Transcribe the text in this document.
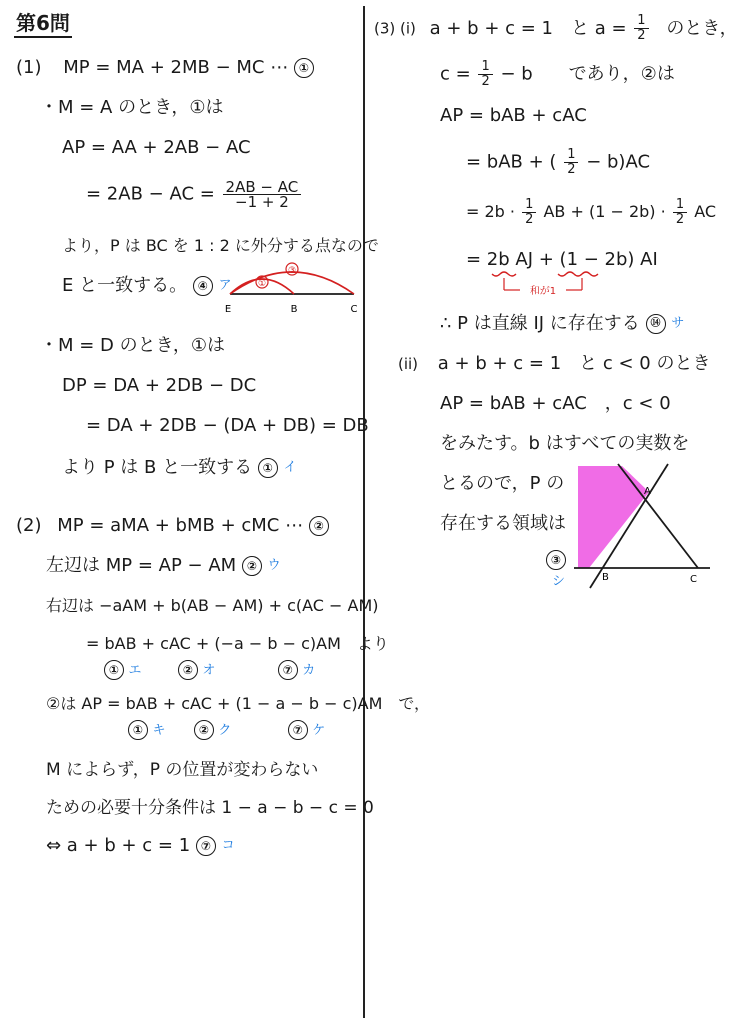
第6問
(1) MP = MA + 2MB − MC ⋯ ①
・M = A のとき，①は
AP = AA + 2AB − AC
= 2AB − AC = $\frac{2AB - AC}{-1 + 2}$
より，P は BC を 1 : 2 に外分する点なので
E と一致する。 ④ $^ア$	①
③
E	B	C
・M = D のとき，①は
DP = DA + 2DB − DC
= DA + 2DB − (DA + DB) = DB
より P は B と一致する ① $^イ$
(2) MP = aMA + bMB + cMC ⋯ ②
左辺は MP = AP − AM ② $^ウ$
右辺は −aAM + b(AB − AM) + c(AC − AM)
= bAB + cAC + (−a − b − c)AM　より
① エ	② オ	⑦ カ
②は AP = bAB + cAC + (1 − a − b − c)AM　で，
① キ	② ク	⑦ ケ
M によらず，P の位置が変わらない
ための必要十分条件は 1 − a − b − c = 0
⇔ a + b + c = 1 ⑦ コ
(3) (i) a + b + c = 1　と $a = \frac{1}{2}$ のとき，
$c = \frac{1}{2} - b$　　であり，②は
AP = bAB + cAC
= bAB + ( $\frac{1}{2} - b)AC$
= $2b \cdot \frac{1}{2}$ AB + $(1 - 2b) \cdot \frac{1}{2}$ AC
= 2b AJ + (1 − 2b) AI
和が1
∴ P は直線 IJ に存在する ⑭ $^サ$
(ii) a + b + c = 1　と c < 0 のとき
AP = bAB + cAC　，c < 0
をみたす。b はすべての実数を
とるので，P の
存在する領域は
③
シ
A
B	C
